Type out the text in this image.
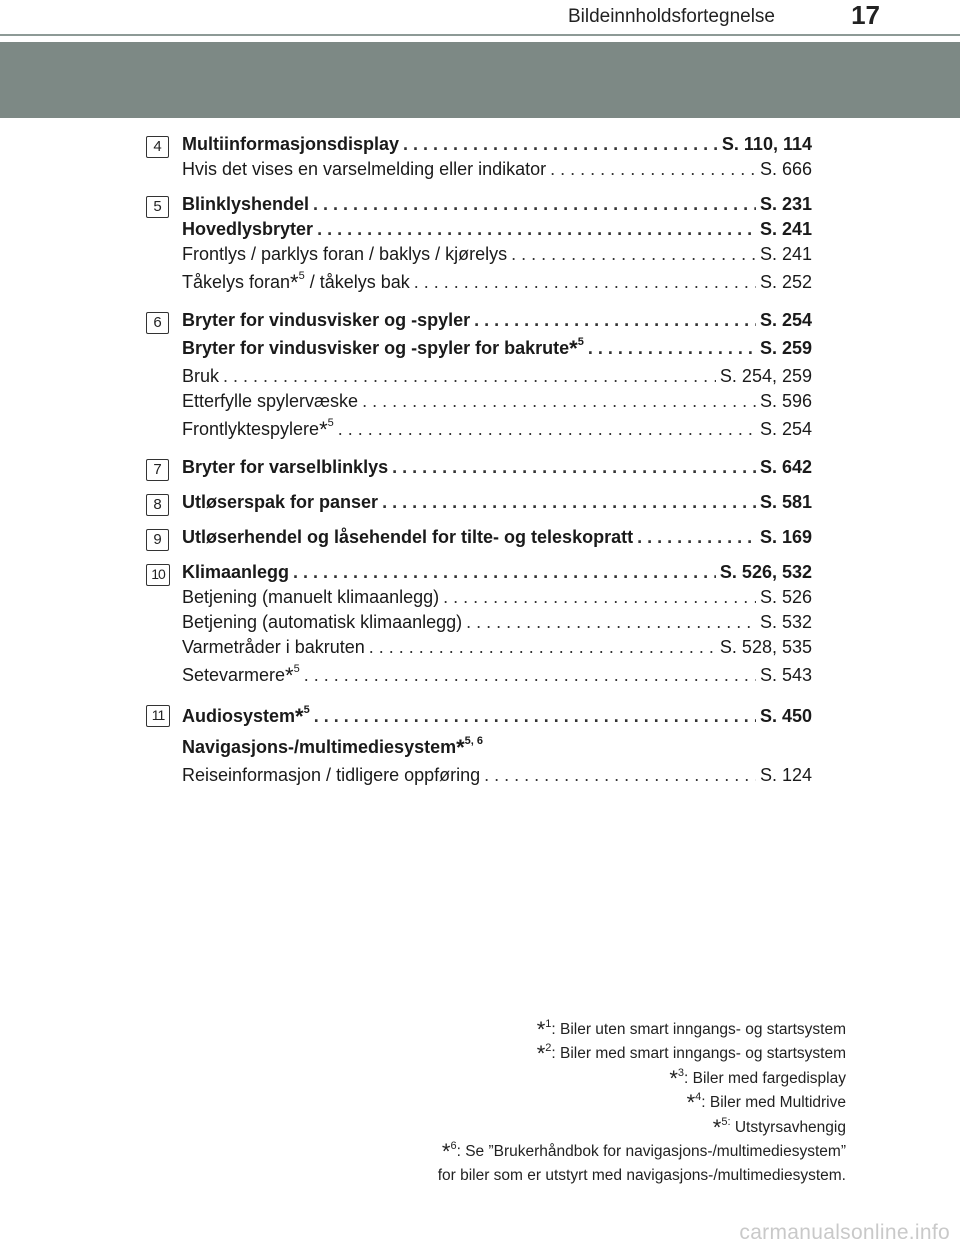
Bildeinnholdsfortegnelse	17
4	Multiinformasjonsdisplay . . .	S. 110, 114
Hvis det vises en varselmelding eller indikator . . .	S. 666
5	Blinklyshendel . . .	S. 231
Hovedlysbryter . . .	S. 241
Frontlys / parklys foran / baklys / kjørelys . . .	S. 241
Tåkelys foran*$^5$ / tåkelys bak . . .	S. 252
6	Bryter for vindusvisker og -spyler . . .	S. 254
Bryter for vindusvisker og -spyler for bakrute*$^5$ . . .	S. 259
Bruk . . .	S. 254, 259
Etterfylle spylervæske . . .	S. 596
Frontlyktespylere*$^5$ . . .	S. 254
7	Bryter for varselblinklys . . .	S. 642
8	Utløserspak for panser . . .	S. 581
9	Utløserhendel og låsehendel for tilte- og teleskopratt . . .	S. 169
10 Klimaanlegg . . .	S. 526, 532
Betjening (manuelt klimaanlegg) . . .	S. 526
Betjening (automatisk klimaanlegg) . . .	S. 532
Varmetråder i bakruten . . .	S. 528, 535
Setevarmere*$^5$ . . .	S. 543
11 Audiosystem*$^5$ . . .	S. 450
Navigasjons-/multimediesystem*$^{5, 6}$
Reiseinformasjon / tidligere oppføring . . .	S. 124
*$^1$: Biler uten smart inngangs- og startsystem
*$^2$: Biler med smart inngangs- og startsystem
*$^3$: Biler med fargedisplay
*$^4$: Biler med Multidrive
*$^{5:}$ Utstyrsavhengig
*$^6$: Se ”Brukerhåndbok for navigasjons-/multimediesystem”
for biler som er utstyrt med navigasjons-/multimediesystem.
carmanualsonline.info
